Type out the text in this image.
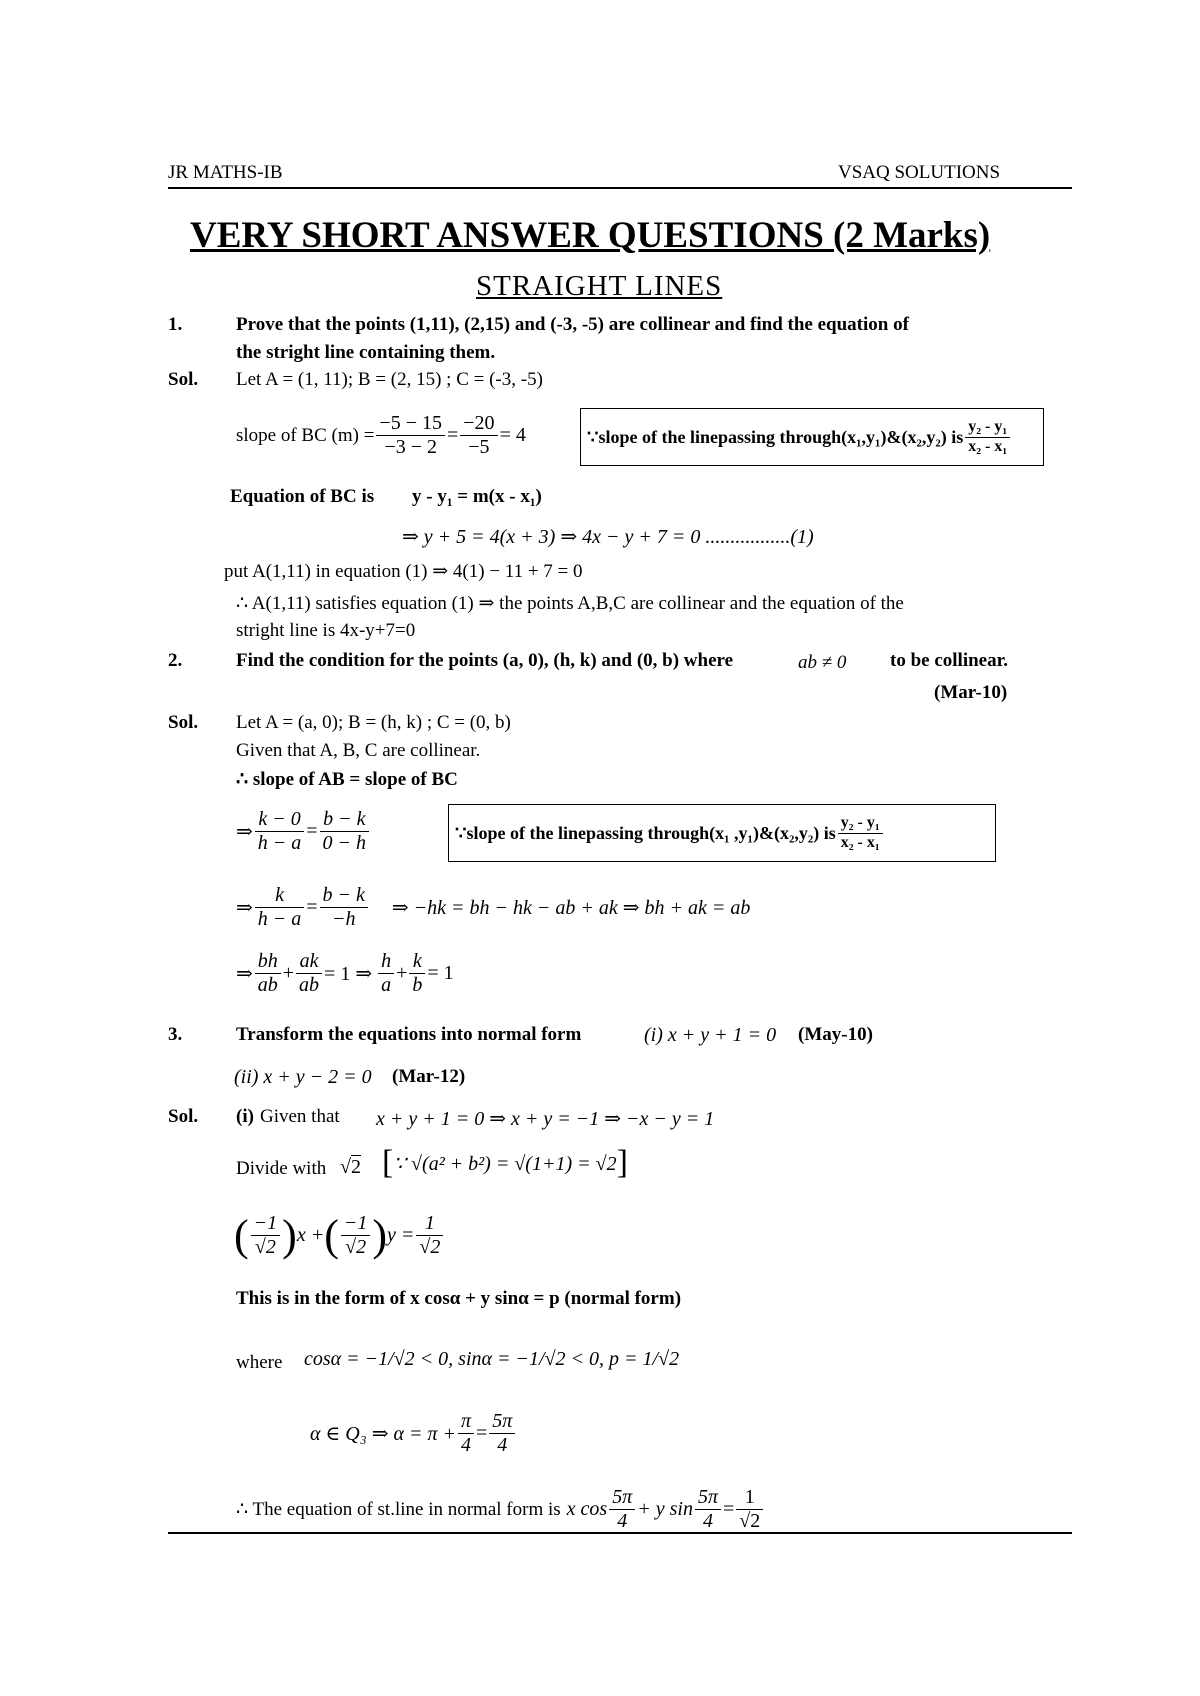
JR MATHS-IB	VSAQ SOLUTIONS
VERY SHORT ANSWER QUESTIONS (2 Marks)
STRAIGHT LINES
1.	Prove that the points (1,11), (2,15) and (-3, -5) are collinear and find the equation of
the stright line containing them.
Sol. Let A = (1, 11); B = (2, 15) ; C = (-3, -5)
slope of BC $(m) = \frac{-5 - 15}{-3 - 2} = \frac{-20}{-5} = 4$	∵slope of the linepassing through(x₁,y₁)&(x₂,y₂) is $\frac{\text{y₂ - y₁}}{\text{x₂ - x₁}}$
Equation of BC is y - y₁ = m(x - x₁)
⇒ y + 5 = 4(x + 3) ⇒ 4x − y + 7 = 0 .................(1)
put A(1,11) in equation (1) ⇒ 4(1) − 11 + 7 = 0
∴ A(1,11) satisfies equation (1) ⇒ the points A,B,C are collinear and the equation of the
stright line is 4x-y+7=0
2.	Find the condition for the points (a, 0), (h, k) and (0, b) where	ab ≠ 0 to be collinear.
(Mar-10)
Sol. Let A = (a, 0); B = (h, k) ; C = (0, b)
Given that A, B, C are collinear.
∴ slope of AB = slope of BC
⇒ $\frac{k - 0}{h - a} = \frac{b - k}{0 - h}$	∵slope of the linepassing through(x₁ ,y₁)&(x₂,y₂) is $\frac{\text{y₂ - y₁}}{\text{x₂ - x₁}}$
⇒ $\frac{k}{h - a} = \frac{b - k}{-h}$ ⇒ −hk = bh − hk − ab + ak ⇒ bh + ak = ab
⇒ $\frac{bh}{ab} + \frac{ak}{ab} = 1$ ⇒ $\frac{h}{a} + \frac{k}{b} = 1$
3.	Transform the equations into normal form	(i) x + y + 1 = 0 (May-10)
(ii) x + y − 2 = 0 (Mar-12)
Sol. (i) Given that x + y + 1 = 0 ⇒ x + y = −1 ⇒ −x − y = 1
Divide with √2 [ ∵ √(a² + b²) = √(1+1) = √2 ]
( $\frac{-1}{√2}$ ) x + ( $\frac{-1}{√2}$ ) $y = \frac{1}{√2}$
This is in the form of x cosα + y sinα = p (normal form)
where cosα = −1/√2 < 0, sinα = −1/√2 < 0, p = 1/√2
α ∈ Q₃ ⇒ $\alpha = \pi + \frac{\pi}{4} = \frac{5\pi}{4}$
∴ The equation of st.line in normal form is x $\cos \frac{5\pi}{4} + y$ $\sin \frac{5\pi}{4} = \frac{1}{√2}$
